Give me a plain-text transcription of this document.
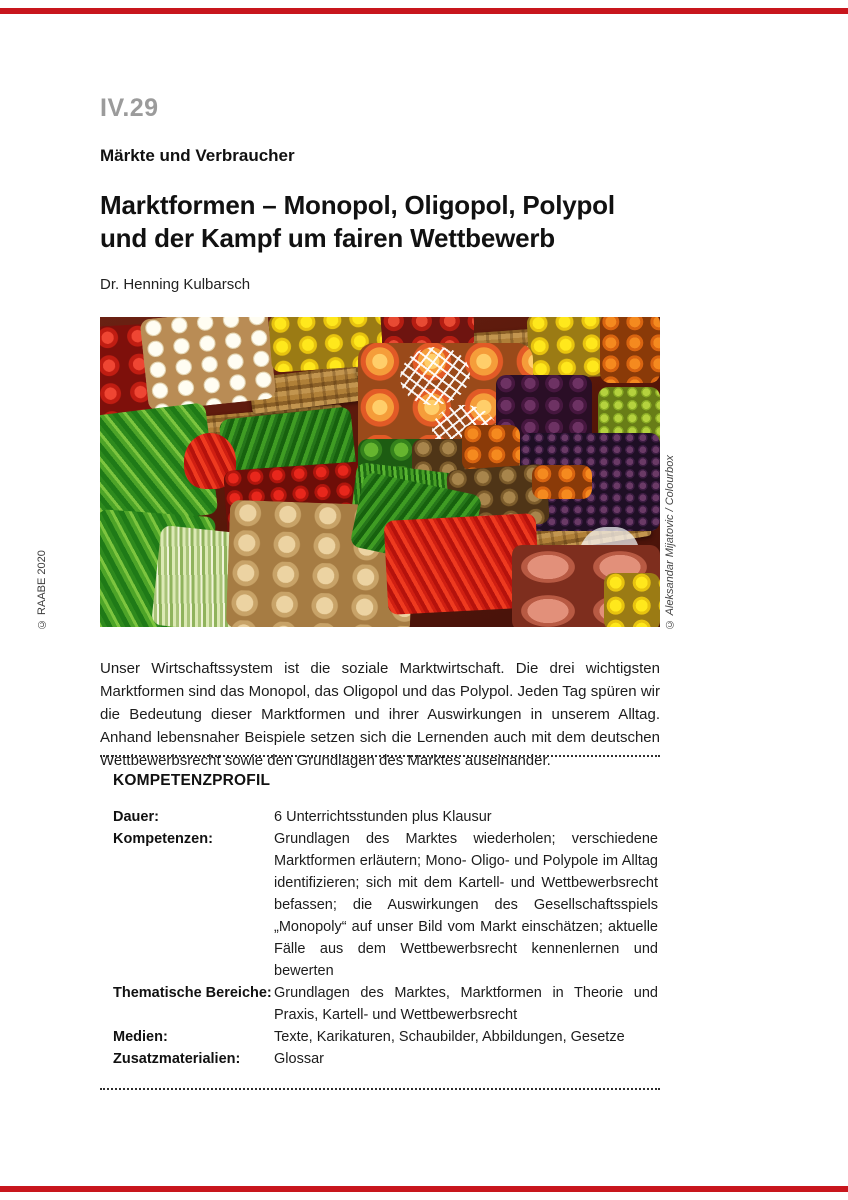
IV.29
Märkte und Verbraucher
Marktformen – Monopol, Oligopol, Polypol
und der Kampf um fairen Wettbewerb
Dr. Henning Kulbarsch
© RAABE 2020	© Aleksandar Mijatovic / Colourbox

Unser Wirtschaftssystem ist die soziale Marktwirtschaft. Die drei wichtigsten Marktformen sind das Monopol, das Oligopol und das Polypol. Jeden Tag spüren wir die Bedeutung dieser Marktformen und ihrer Auswirkungen in unserem Alltag. Anhand lebensnaher Beispiele setzen sich die Lernenden auch mit dem deutschen Wettbewerbsrecht sowie den Grundlagen des Marktes auseinander.

KOMPETENZPROFIL
Dauer:	6 Unterrichtsstunden plus Klausur
Kompetenzen:	Grundlagen des Marktes wiederholen; verschiedene Marktformen erläutern; Mono- Oligo- und Polypole im Alltag identifizieren; sich mit dem Kartell- und Wettbewerbsrecht befassen; die Auswirkungen des Gesellschaftsspiels „Monopoly“ auf unser Bild vom Markt einschätzen; aktuelle Fälle aus dem Wettbewerbsrecht kennenlernen und bewerten
Thematische Bereiche: Grundlagen des Marktes, Marktformen in Theorie und Praxis, Kartell- und Wettbewerbsrecht
Medien:	Texte, Karikaturen, Schaubilder, Abbildungen, Gesetze
Zusatzmaterialien:	Glossar
